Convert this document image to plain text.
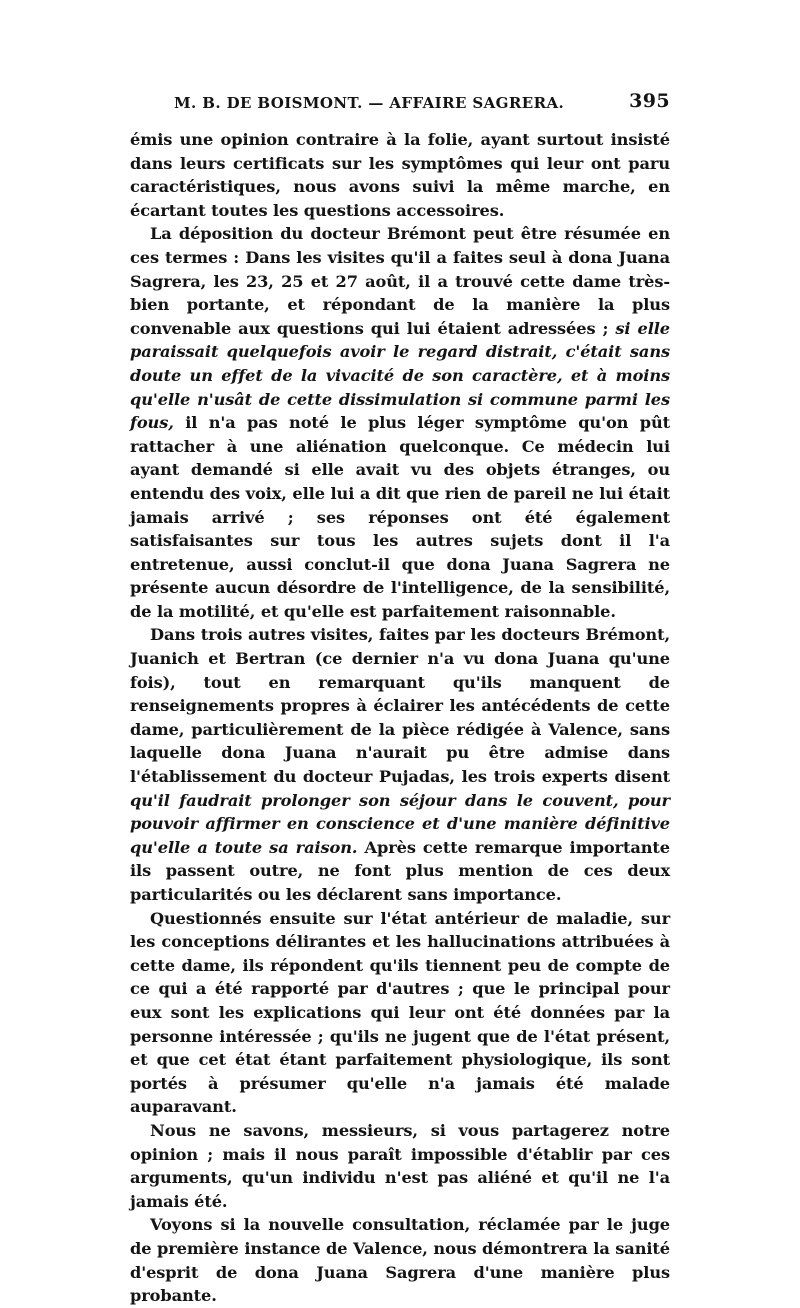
M. B. DE BOISMONT. — AFFAIRE SAGRERA.	395

émis une opinion contraire à la folie, ayant surtout insisté dans leurs certificats sur les symptômes qui leur ont paru caractéristiques, nous avons suivi la même marche, en écartant toutes les questions accessoires.

La déposition du docteur Brémont peut être résumée en ces termes : Dans les visites qu'il a faites seul à dona Juana Sagrera, les 23, 25 et 27 août, il a trouvé cette dame très-bien portante, et répondant de la manière la plus convenable aux questions qui lui étaient adressées ; si elle paraissait quelquefois avoir le regard distrait, c'était sans doute un effet de la vivacité de son caractère, et à moins qu'elle n'usât de cette dissimulation si commune parmi les fous, il n'a pas noté le plus léger symptôme qu'on pût rattacher à une aliénation quelconque. Ce médecin lui ayant demandé si elle avait vu des objets étranges, ou entendu des voix, elle lui a dit que rien de pareil ne lui était jamais arrivé ; ses réponses ont été également satisfaisantes sur tous les autres sujets dont il l'a entretenue, aussi conclut-il que dona Juana Sagrera ne présente aucun désordre de l'intelligence, de la sensibilité, de la motilité, et qu'elle est parfaitement raisonnable.

Dans trois autres visites, faites par les docteurs Brémont, Juanich et Bertran (ce dernier n'a vu dona Juana qu'une fois), tout en remarquant qu'ils manquent de renseignements propres à éclairer les antécédents de cette dame, particulièrement de la pièce rédigée à Valence, sans laquelle dona Juana n'aurait pu être admise dans l'établissement du docteur Pujadas, les trois experts disent qu'il faudrait prolonger son séjour dans le couvent, pour pouvoir affirmer en conscience et d'une manière définitive qu'elle a toute sa raison. Après cette remarque importante ils passent outre, ne font plus mention de ces deux particularités ou les déclarent sans importance.

Questionnés ensuite sur l'état antérieur de maladie, sur les conceptions délirantes et les hallucinations attribuées à cette dame, ils répondent qu'ils tiennent peu de compte de ce qui a été rapporté par d'autres ; que le principal pour eux sont les explications qui leur ont été données par la personne intéressée ; qu'ils ne jugent que de l'état présent, et que cet état étant parfaitement physiologique, ils sont portés à présumer qu'elle n'a jamais été malade auparavant.

Nous ne savons, messieurs, si vous partagerez notre opinion ; mais il nous paraît impossible d'établir par ces arguments, qu'un individu n'est pas aliéné et qu'il ne l'a jamais été.

Voyons si la nouvelle consultation, réclamée par le juge de première instance de Valence, nous démontrera la sanité d'esprit de dona Juana Sagrera d'une manière plus probante.
